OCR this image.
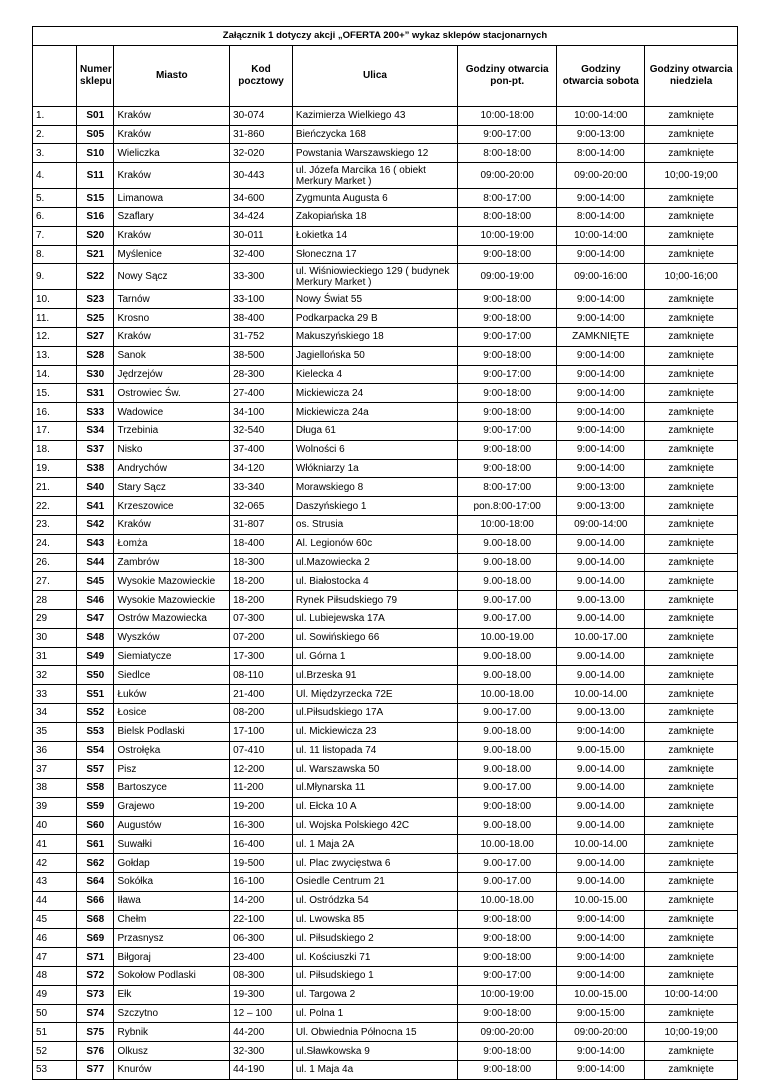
Załącznik 1 dotyczy akcji „OFERTA 200+” wykaz sklepów stacjonarnych							
	Numer sklepu	Miasto	Kod pocztowy	Ulica	Godziny otwarcia pon-pt.	Godziny otwarcia sobota	Godziny otwarcia niedziela
1.	S01	Kraków	30-074	Kazimierza Wielkiego 43	10:00-18:00	10:00-14:00	zamknięte
2.	S05	Kraków	31-860	Bieńczycka 168	9:00-17:00	9:00-13:00	zamknięte
3.	S10	Wieliczka	32-020	Powstania Warszawskiego 12	8:00-18:00	8:00-14:00	zamknięte
4.	S11	Kraków	30-443	ul. Józefa Marcika 16 ( obiekt Merkury Market )	09:00-20:00	09:00-20:00	10;00-19;00
5.	S15	Limanowa	34-600	Zygmunta Augusta 6	8:00-17:00	9:00-14:00	zamknięte
6.	S16	Szaflary	34-424	Zakopiańska 18	8:00-18:00	8:00-14:00	zamknięte
7.	S20	Kraków	30-011	Łokietka 14	10:00-19:00	10:00-14:00	zamknięte
8.	S21	Myślenice	32-400	Słoneczna 17	9:00-18:00	9:00-14:00	zamknięte
9.	S22	Nowy Sącz	33-300	ul. Wiśniowieckiego 129 ( budynek Merkury Market )	09:00-19:00	09:00-16:00	10;00-16;00
10.	S23	Tarnów	33-100	Nowy Świat 55	9:00-18:00	9:00-14:00	zamknięte
11.	S25	Krosno	38-400	Podkarpacka 29 B	9:00-18:00	9:00-14:00	zamknięte
12.	S27	Kraków	31-752	Makuszyńskiego 18	9:00-17:00	ZAMKNIĘTE	zamknięte
13.	S28	Sanok	38-500	Jagiellońska 50	9:00-18:00	9:00-14:00	zamknięte
14.	S30	Jędrzejów	28-300	Kielecka 4	9:00-17:00	9:00-14:00	zamknięte
15.	S31	Ostrowiec Św.	27-400	Mickiewicza 24	9:00-18:00	9:00-14:00	zamknięte
16.	S33	Wadowice	34-100	Mickiewicza 24a	9:00-18:00	9:00-14:00	zamknięte
17.	S34	Trzebinia	32-540	Długa 61	9:00-17:00	9:00-14:00	zamknięte
18.	S37	Nisko	37-400	Wolności 6	9:00-18:00	9:00-14:00	zamknięte
19.	S38	Andrychów	34-120	Włókniarzy 1a	9:00-18:00	9:00-14:00	zamknięte
21.	S40	Stary Sącz	33-340	Morawskiego 8	8:00-17:00	9:00-13:00	zamknięte
22.	S41	Krzeszowice	32-065	Daszyńskiego 1	pon.8:00-17:00	9:00-13:00	zamknięte
23.	S42	Kraków	31-807	os. Strusia	10:00-18:00	09:00-14:00	zamknięte
24.	S43	Łomża	18-400	Al. Legionów 60c	9.00-18.00	9.00-14.00	zamknięte
26.	S44	Zambrów	18-300	ul.Mazowiecka 2	9.00-18.00	9.00-14.00	zamknięte
27.	S45	Wysokie Mazowieckie	18-200	ul. Białostocka 4	9.00-18.00	9.00-14.00	zamknięte
28	S46	Wysokie Mazowieckie	18-200	Rynek Piłsudskiego 79	9.00-17.00	9.00-13.00	zamknięte
29	S47	Ostrów Mazowiecka	07-300	ul. Lubiejewska 17A	9.00-17.00	9.00-14.00	zamknięte
30	S48	Wyszków	07-200	ul. Sowińskiego 66	10.00-19.00	10.00-17.00	zamknięte
31	S49	Siemiatycze	17-300	ul. Górna 1	9.00-18.00	9.00-14.00	zamknięte
32	S50	Siedlce	08-110	ul.Brzeska 91	9.00-18.00	9.00-14.00	zamknięte
33	S51	Łuków	21-400	Ul. Międzyrzecka 72E	10.00-18.00	10.00-14.00	zamknięte
34	S52	Łosice	08-200	ul.Piłsudskiego 17A	9.00-17.00	9.00-13.00	zamknięte
35	S53	Bielsk Podlaski	17-100	ul. Mickiewicza 23	9.00-18.00	9:00-14:00	zamknięte
36	S54	Ostrołęka	07-410	ul. 11 listopada 74	9.00-18.00	9.00-15.00	zamknięte
37	S57	Pisz	12-200	ul. Warszawska 50	9.00-18.00	9.00-14.00	zamknięte
38	S58	Bartoszyce	11-200	ul.Młynarska 11	9.00-17.00	9.00-14.00	zamknięte
39	S59	Grajewo	19-200	ul. Ełcka 10 A	9:00-18:00	9.00-14.00	zamknięte
40	S60	Augustów	16-300	ul. Wojska Polskiego 42C	9.00-18.00	9.00-14.00	zamknięte
41	S61	Suwałki	16-400	ul. 1 Maja 2A	10.00-18.00	10.00-14.00	zamknięte
42	S62	Gołdap	19-500	ul. Plac zwycięstwa 6	9.00-17.00	9.00-14.00	zamknięte
43	S64	Sokółka	16-100	Osiedle Centrum 21	9.00-17.00	9.00-14.00	zamknięte
44	S66	Iława	14-200	ul. Ostródzka 54	10.00-18.00	10.00-15.00	zamknięte
45	S68	Chełm	22-100	ul. Lwowska 85	9:00-18:00	9:00-14:00	zamknięte
46	S69	Przasnysz	06-300	ul. Piłsudskiego 2	9:00-18:00	9:00-14:00	zamknięte
47	S71	Biłgoraj	23-400	ul. Kościuszki 71	9:00-18:00	9:00-14:00	zamknięte
48	S72	Sokołow Podlaski	08-300	ul. Piłsudskiego 1	9:00-17:00	9:00-14:00	zamknięte
49	S73	Ełk	19-300	ul. Targowa 2	10:00-19:00	10.00-15.00	10:00-14:00
50	S74	Szczytno	12 – 100	ul. Polna 1	9:00-18:00	9:00-15:00	zamknięte
51	S75	Rybnik	44-200	Ul. Obwiednia Północna 15	09:00-20:00	09:00-20:00	10;00-19;00
52	S76	Olkusz	32-300	ul.Sławkowska 9	9:00-18:00	9:00-14:00	zamknięte
53	S77	Knurów	44-190	ul. 1 Maja 4a	9:00-18:00	9:00-14:00	zamknięte
